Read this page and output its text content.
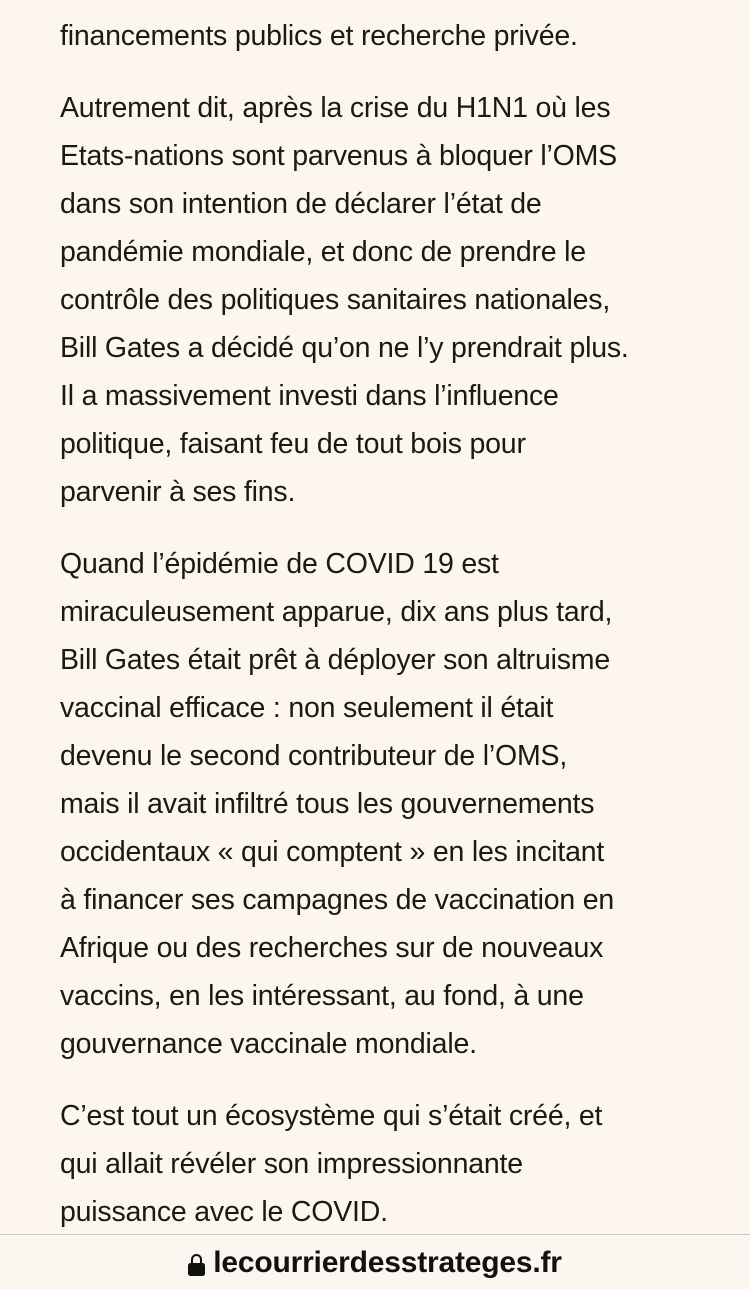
financements publics et recherche privée.

Autrement dit, après la crise du H1N1 où les
Etats-nations sont parvenus à bloquer l’OMS
dans son intention de déclarer l’état de
pandémie mondiale, et donc de prendre le
contrôle des politiques sanitaires nationales,
Bill Gates a décidé qu’on ne l’y prendrait plus.
Il a massivement investi dans l’influence
politique, faisant feu de tout bois pour
parvenir à ses fins.

Quand l’épidémie de COVID 19 est
miraculeusement apparue, dix ans plus tard,
Bill Gates était prêt à déployer son altruisme
vaccinal efficace : non seulement il était
devenu le second contributeur de l’OMS,
mais il avait infiltré tous les gouvernements
occidentaux « qui comptent » en les incitant
à financer ses campagnes de vaccination en
Afrique ou des recherches sur de nouveaux
vaccins, en les intéressant, au fond, à une
gouvernance vaccinale mondiale.

C’est tout un écosystème qui s’était créé, et
qui allait révéler son impressionnante
puissance avec le COVID.

lecourrierdesstrateges.fr
